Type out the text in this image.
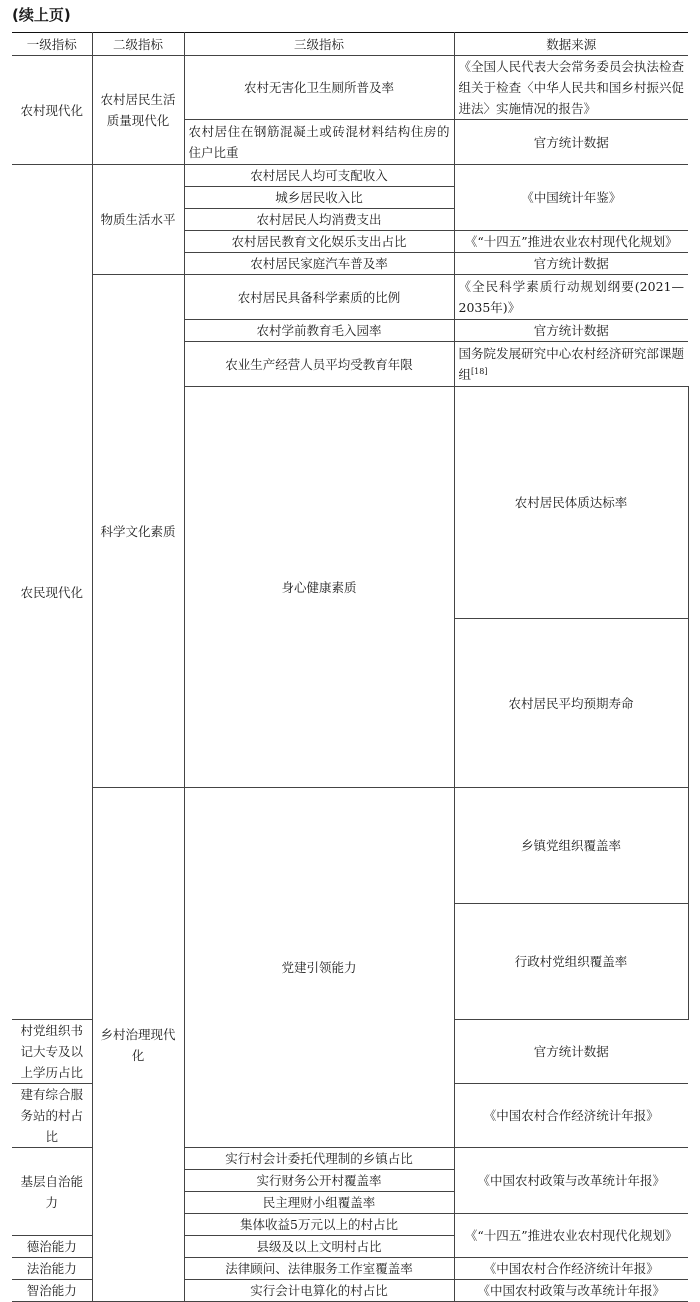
(续上页)
一级指标	二级指标	三级指标	数据来源	
农村现代化	农村居民生活质量现代化	农村无害化卫生厕所普及率	《全国人民代表大会常务委员会执法检查组关于检查〈中华人民共和国乡村振兴促进法〉实施情况的报告》	
		农村居住在钢筋混凝土或砖混材料结构住房的住户比重	官方统计数据	
农民现代化	物质生活水平	农村居民人均可支配收入	《中国统计年鉴》	
		城乡居民收入比		
		农村居民人均消费支出		
		农村居民教育文化娱乐支出占比	《“十四五”推进农业农村现代化规划》	
		农村居民家庭汽车普及率	官方统计数据	
	科学文化素质	农村居民具备科学素质的比例	《全民科学素质行动规划纲要(2021—2035年)》	
		农村学前教育毛入园率	官方统计数据	
		农业生产经营人员平均受教育年限	国务院发展研究中心农村经济研究部课题组[18]
		身心健康素质	农村居民体质达标率	
			农村居民平均预期寿命	
	乡村治理现代化	党建引领能力	乡镇党组织覆盖率	
			行政村党组织覆盖率	
村党组织书记大专及以上学历占比			官方统计数据	
建有综合服务站的村占比			《中国农村合作经济统计年报》	
基层自治能力		实行村会计委托代理制的乡镇占比	《中国农村政策与改革统计年报》	
		实行财务公开村覆盖率		
		民主理财小组覆盖率		
		集体收益5万元以上的村占比	《“十四五”推进农业农村现代化规划》	
德治能力		县级及以上文明村占比		
法治能力		法律顾问、法律服务工作室覆盖率	《中国农村合作经济统计年报》	
智治能力		实行会计电算化的村占比	《中国农村政策与改革统计年报》	
